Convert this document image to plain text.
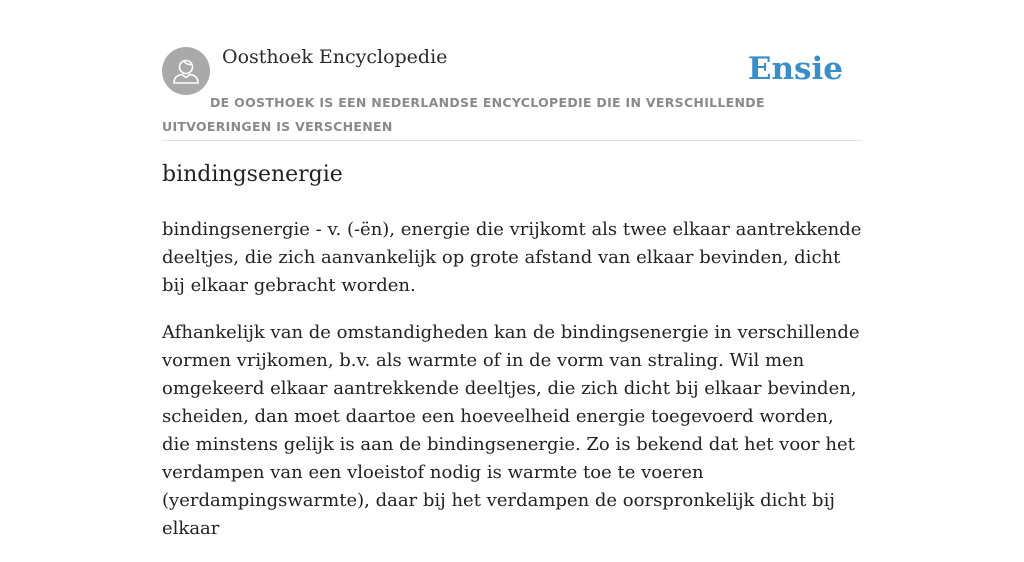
Oosthoek Encyclopedie	Ensie
DE OOSTHOEK IS EEN NEDERLANDSE ENCYCLOPEDIE DIE IN VERSCHILLENDE UITVOERINGEN IS VERSCHENEN
bindingsenergie

bindingsenergie - v. (-ën), energie die vrijkomt als twee elkaar aantrekkende deeltjes, die zich aanvankelijk op grote afstand van elkaar bevinden, dicht bij elkaar gebracht worden.

Afhankelijk van de omstandigheden kan de bindingsenergie in verschillende vormen vrijkomen, b.v. als warmte of in de vorm van straling. Wil men omgekeerd elkaar aantrekkende deeltjes, die zich dicht bij elkaar bevinden, scheiden, dan moet daartoe een hoeveelheid energie toegevoerd worden, die minstens gelijk is aan de bindingsenergie. Zo is bekend dat het voor het verdampen van een vloeistof nodig is warmte toe te voeren (yerdampingswarmte), daar bij het verdampen de oorspronkelijk dicht bij elkaar
